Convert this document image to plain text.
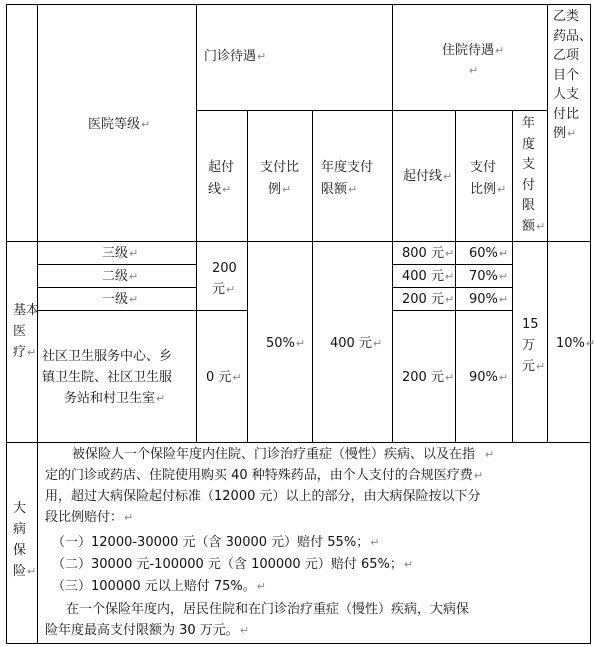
医院等级↵
门诊待遇↵	住院待遇↵
↵
乙类
药品、
乙项
目个
人支
付比
例↵
起付
线↵
支付比
例↵
年度支付
限额↵
起付线↵
支付
比例↵
年
度
支
付
限
额↵
基本
医
疗↵
三级↵
二级↵
一级↵
社区卫生服务中心、乡
镇卫生院、社区卫生服
务站和村卫生室↵
200
元↵
0 元↵
50%↵ 400 元↵
800 元↵
400 元↵
200 元↵
200 元↵
60%↵
70%↵
90%↵
90%↵
15
万
元↵
10%↵
大
病
保
险↵
被保险人一个保险年度内住院、门诊治疗重症（慢性）疾病、以及在指 ↵
定的门诊或药店、住院使用购买 40 种特殊药品，由个人支付的合规医疗费↵
用，超过大病保险起付标准（12000 元）以上的部分，由大病保险按以下分
段比例赔付：↵
（一）12000-30000 元（含 30000 元）赔付 55%；↵
（二）30000 元-100000 元（含 100000 元）赔付 65%；↵
（三）100000 元以上赔付 75%。↵
在一个保险年度内，居民住院和在门诊治疗重症（慢性）疾病，大病保
险年度最高支付限额为 30 万元。↵
